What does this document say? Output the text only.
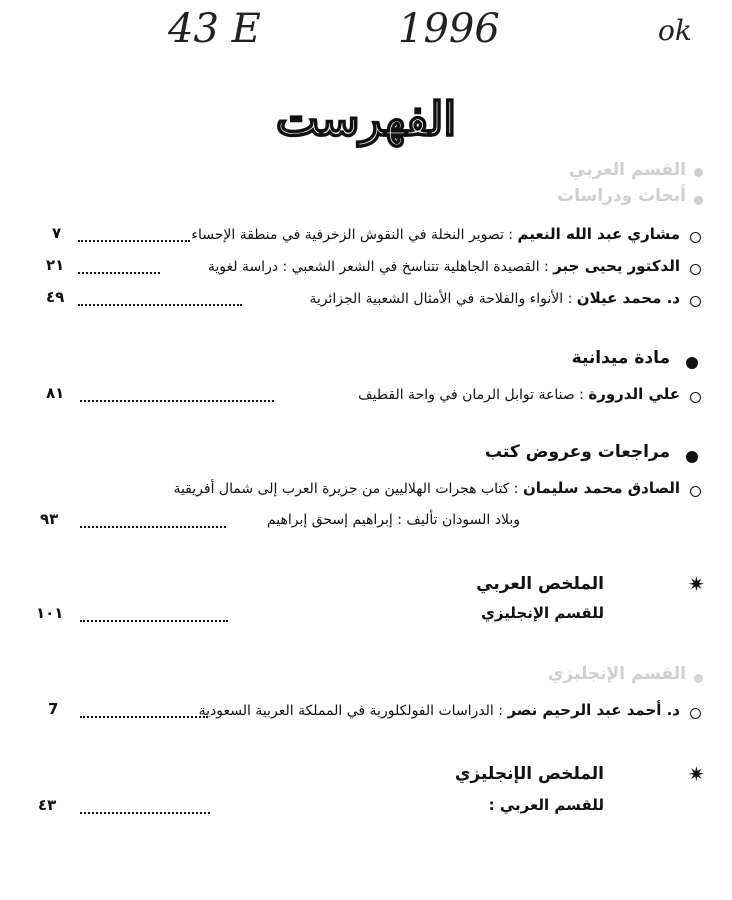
43 E	1996	ok
الفهرست
القسم العربي
أبحاث ودراسات
مشاري عبد الله النعيم : تصوير النخلة في النقوش الزخرفية في منطقة الإحساء
٧
الدكتور يحيى جبر : القصيدة الجاهلية تتناسخ في الشعر الشعبي : دراسة لغوية
٢١
د. محمد عيلان : الأنواء والفلاحة في الأمثال الشعبية الجزائرية
٤٩
مادة ميدانية
علي الدرورة : صناعة توابل الرمان في واحة القطيف
٨١
مراجعات وعروض كتب
الصادق محمد سليمان : كتاب هجرات الهلاليين من جزيرة العرب إلى شمال أفريقية
وبلاد السودان تأليف : إبراهيم إسحق إبراهيم
٩٣
✷
الملخص العربي
للقسم الإنجليزي
١٠١
القسم الإنجليزي
د. أحمد عبد الرحيم نصر : الدراسات الفولكلورية في المملكة العربية السعودية
7
✷
الملخص الإنجليزي
للقسم العربي :
٤٣
